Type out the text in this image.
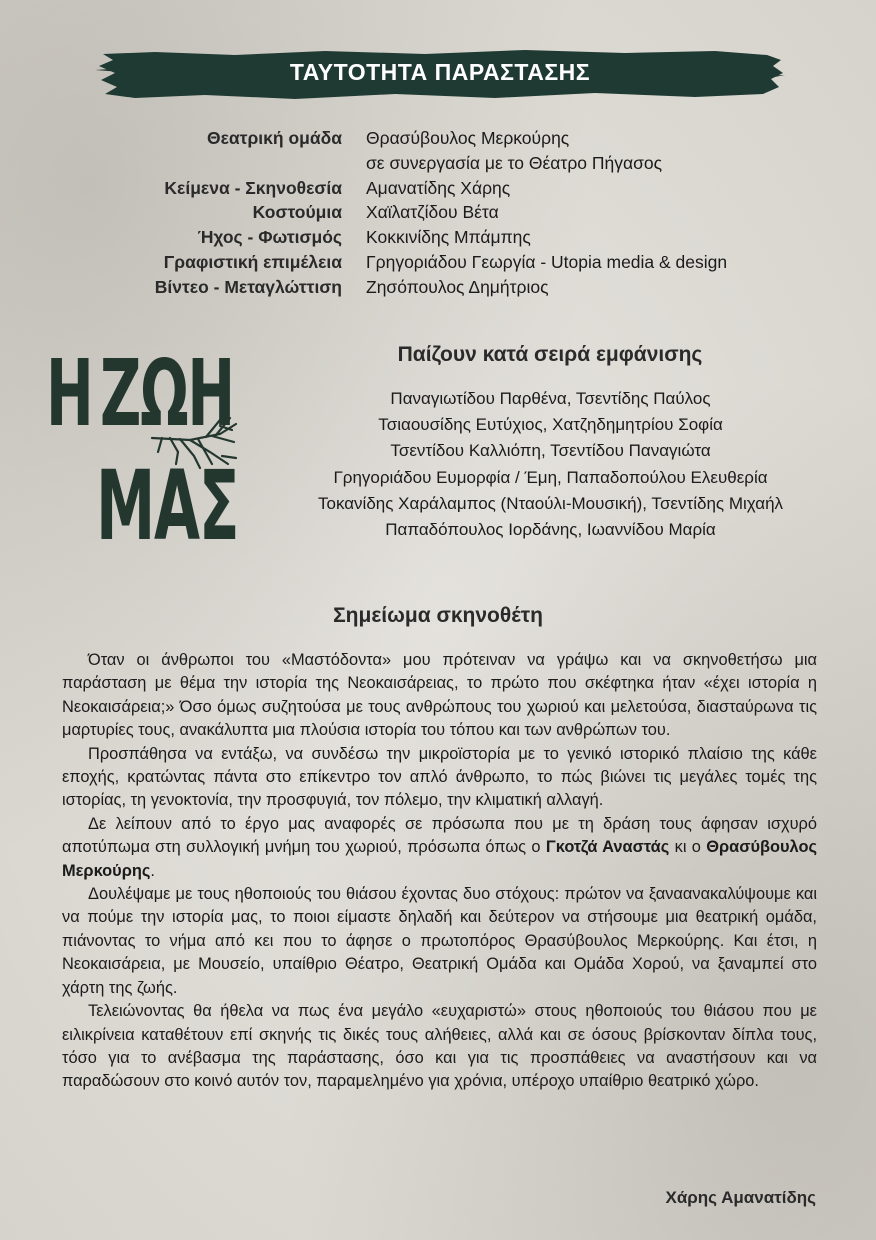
ΤΑΥΤΟΤΗΤΑ ΠΑΡΑΣΤΑΣΗΣ
Θεατρική ομάδα	Θρασύβουλος Μερκούρης
σε συνεργασία με το Θέατρο Πήγασος
Κείμενα - Σκηνοθεσία	Αμανατίδης Χάρης
Κοστούμια	Χαϊλατζίδου Βέτα
Ήχος - Φωτισμός	Κοκκινίδης Μπάμπης
Γραφιστική επιμέλεια	Γρηγοριάδου Γεωργία - Utopia media & design
Βίντεο - Μεταγλώττιση	Ζησόπουλος Δημήτριος
Η ΖΩΗ
ΜΑΣ
Παίζουν κατά σειρά εμφάνισης
Παναγιωτίδου Παρθένα, Τσεντίδης Παύλος
Τσιαουσίδης Ευτύχιος, Χατζηδημητρίου Σοφία
Τσεντίδου Καλλιόπη, Τσεντίδου Παναγιώτα
Γρηγοριάδου Ευμορφία / Έμη, Παπαδοπούλου Ελευθερία
Τοκανίδης Χαράλαμπος (Νταούλι-Μουσική), Τσεντίδης Μιχαήλ
Παπαδόπουλος Ιορδάνης, Ιωαννίδου Μαρία
Σημείωμα σκηνοθέτη

Όταν οι άνθρωποι του «Μαστόδοντα» μου πρότειναν να γράψω και να σκηνοθετήσω μια παράσταση με θέμα την ιστορία της Νεοκαισάρειας, το πρώτο που σκέφτηκα ήταν «έχει ιστορία η Νεοκαισάρεια;» Όσο όμως συζητούσα με τους ανθρώπους του χωριού και μελετούσα, διασταύρωνα τις μαρτυρίες τους, ανακάλυπτα μια πλούσια ιστορία του τόπου και των ανθρώπων του.

Προσπάθησα να εντάξω, να συνδέσω την μικροϊστορία με το γενικό ιστορικό πλαίσιο της κάθε εποχής, κρατώντας πάντα στο επίκεντρο τον απλό άνθρωπο, το πώς βιώνει τις μεγάλες τομές της ιστορίας, τη γενοκτονία, την προσφυγιά, τον πόλεμο, την κλιματική αλλαγή.

Δε λείπουν από το έργο μας αναφορές σε πρόσωπα που με τη δράση τους άφησαν ισχυρό αποτύπωμα στη συλλογική μνήμη του χωριού, πρόσωπα όπως ο Γκοτζά Αναστάς κι ο Θρασύβουλος Μερκούρης.

Δουλέψαμε με τους ηθοποιούς του θιάσου έχοντας δυο στόχους: πρώτον να ξαναανακαλύψουμε και να πούμε την ιστορία μας, το ποιοι είμαστε δηλαδή και δεύτερον να στήσουμε μια θεατρική ομάδα, πιάνοντας το νήμα από κει που το άφησε ο πρωτοπόρος Θρασύβουλος Μερκούρης. Και έτσι, η Νεοκαισάρεια, με Μουσείο, υπαίθριο Θέατρο, Θεατρική Ομάδα και Ομάδα Χορού, να ξαναμπεί στο χάρτη της ζωής.

Τελειώνοντας θα ήθελα να πως ένα μεγάλο «ευχαριστώ» στους ηθοποιούς του θιάσου που με ειλικρίνεια καταθέτουν επί σκηνής τις δικές τους αλήθειες, αλλά και σε όσους βρίσκονταν δίπλα τους, τόσο για το ανέβασμα της παράστασης, όσο και για τις προσπάθειες να αναστήσουν και να παραδώσουν στο κοινό αυτόν τον, παραμελημένο για χρόνια, υπέροχο υπαίθριο θεατρικό χώρο.

Χάρης Αμανατίδης
